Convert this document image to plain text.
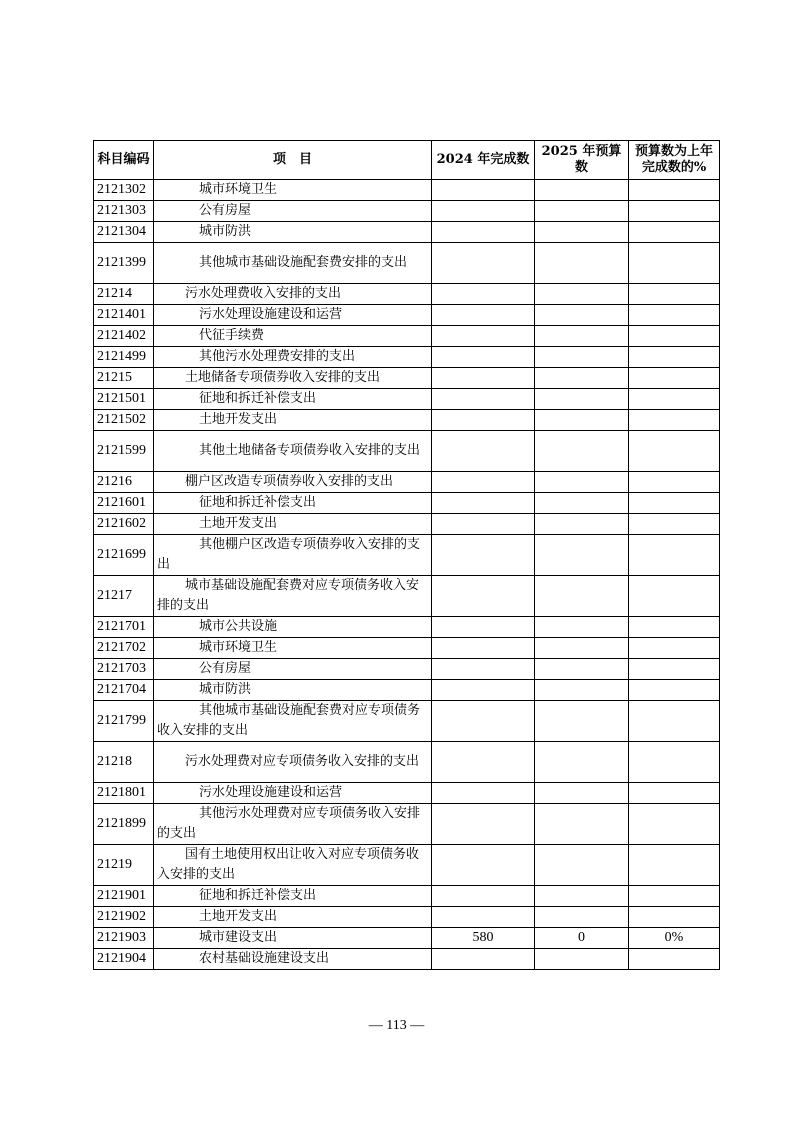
科目编码	项　目	2024 年完成数	2025 年预算数	预算数为上年完成数的%
2121302	城市环境卫生			
2121303	公有房屋			
2121304	城市防洪			
2121399	其他城市基础设施配套费安排的支出			
21214	污水处理费收入安排的支出			
2121401	污水处理设施建设和运营			
2121402	代征手续费			
2121499	其他污水处理费安排的支出			
21215	土地储备专项债券收入安排的支出			
2121501	征地和拆迁补偿支出			
2121502	土地开发支出			
2121599	其他土地储备专项债券收入安排的支出			
21216	棚户区改造专项债券收入安排的支出			
2121601	征地和拆迁补偿支出			
2121602	土地开发支出			
2121699	其他棚户区改造专项债券收入安排的支出			
21217	城市基础设施配套费对应专项债务收入安排的支出			
2121701	城市公共设施			
2121702	城市环境卫生			
2121703	公有房屋			
2121704	城市防洪			
2121799	其他城市基础设施配套费对应专项债务收入安排的支出			
21218	污水处理费对应专项债务收入安排的支出			
2121801	污水处理设施建设和运营			
2121899	其他污水处理费对应专项债务收入安排的支出			
21219	国有土地使用权出让收入对应专项债务收入安排的支出			
2121901	征地和拆迁补偿支出			
2121902	土地开发支出			
2121903	城市建设支出	580	0	0%
2121904	农村基础设施建设支出			
— 113 —
